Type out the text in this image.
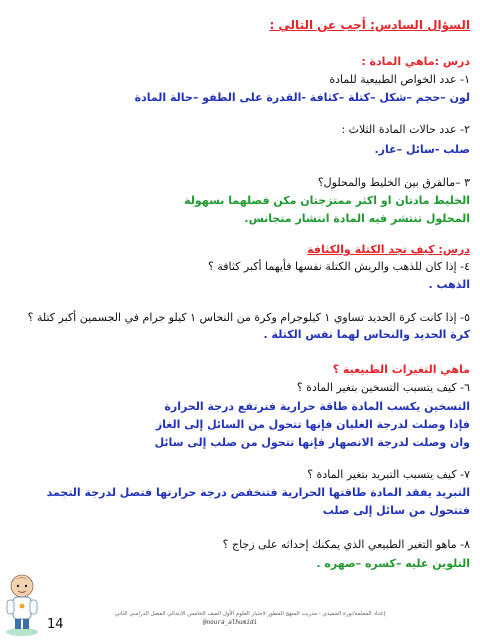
السؤال السادس: أجب عن التالي :
درس :ماهي المادة :
١- عدد الخواص الطبيعية للمادة
لون –حجم –شكل –كتلة –كثافة -القدرة على الطفو –حالة المادة
٢- عدد حالات المادة الثلاث :
صلب -سائل –غاز.
٣ –مالفرق بين الخليط والمحلول؟
الخليط مادتان او اكثر ممتزجتان مكن فصلهما بسهولة
المحلول تنتشر فيه المادة انتشار متجانس.
درس: كيف تجد الكتلة والكثافة
٤- إذا كان للذهب والريش الكتلة نفسها فأيهما أكبر كثافة ؟
الذهب .
٥- إذا كانت كرة الحديد تساوي ١ كيلوجرام وكرة من النحاس ١ كيلو جرام في الجسمين أكبر كتلة ؟
كرة الحديد والنحاس لهما نفس الكتلة .
ماهي التغيرات الطبيعية ؟
٦- كيف يتسبب التسخين بتغير المادة ؟
التسخين يكسب المادة طاقة حرارية فترتفع درجة الحرارة
فإذا وصلت لدرجة الغليان فإنها تتحول من السائل إلى الغاز
وان وصلت لدرجة الانصهار فإنها تتحول من صلب إلى سائل
٧- كيف يتسبب التبريد بتغير المادة ؟
التبريد يفقد المادة طاقتها الحرارية فتنخفض درجة حرارتها فتصل لدرجة التجمد
فتتحول من سائل إلى صلب
٨- ماهو التغير الطبيعي الذي يمكنك إحداثه على زجاج ؟
التلوين عليه –كسره –صهره .
إعداد المعلمة/نورة الحميدي - مدريب المنهج المطور لاختبار العلوم الأول الصف الخامس الابتدائي الفصل الدراسي الثاني
@noura_alhumidi
14
